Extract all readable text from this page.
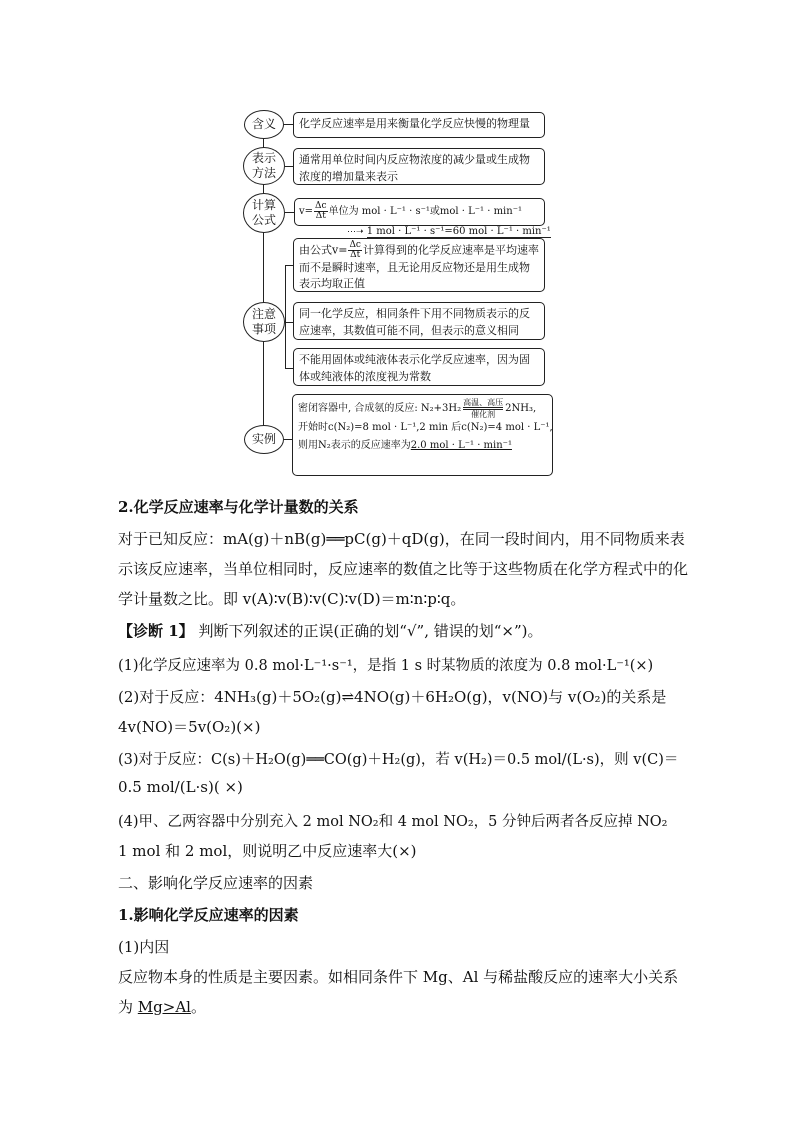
含义	化学反应速率是用来衡量化学反应快慢的物理量
表示方法
通常用单位时间内反应物浓度的减少量或生成物浓度的增加量来表示
计算公式
$v= \frac{\Delta c}{\Delta t}$ 单位为 mol · L⁻¹ · s⁻¹或mol · L⁻¹ · min⁻¹
⋯➝ 1 mol · L⁻¹ · s⁻¹=60 mol · L⁻¹ · min⁻¹
注意事项
由公式$v= \frac{\Delta c}{\Delta t}$ 计算得到的化学反应速率是平均速率而不是瞬时速率，且无论用反应物还是用生成物表示均取正值
同一化学反应，相同条件下用不同物质表示的反应速率，其数值可能不同，但表示的意义相同
不能用固体或纯液体表示化学反应速率，因为固体或纯液体的浓度视为常数
实例
密闭容器中, 合成氨的反应: N₂+3H₂
高温、高压
催化剂
2NH₃,
开始时c(N₂)=8 mol · L⁻¹,2 min 后c(N₂)=4 mol · L⁻¹,
则用N₂表示的反应速率为2.0 mol · L⁻¹ · min⁻¹
2.化学反应速率与化学计量数的关系
对于已知反应：mA(g)＋nB(g)══pC(g)＋qD(g)，在同一段时间内，用不同物质来表示该反应速率，当单位相同时，反应速率的数值之比等于这些物质在化学方程式中的化学计量数之比。即 v(A)∶v(B)∶v(C)∶v(D)＝m∶n∶p∶q。
【诊断 1】 判断下列叙述的正误(正确的划“√”, 错误的划“×”)。
(1)化学反应速率为 0.8 mol·L⁻¹·s⁻¹，是指 1 s 时某物质的浓度为 0.8 mol·L⁻¹(×)
(2)对于反应：4NH₃(g)＋5O₂(g)⇌4NO(g)＋6H₂O(g)，v(NO)与 v(O₂)的关系是
4v(NO)＝5v(O₂)(×)
(3)对于反应：C(s)＋H₂O(g)══CO(g)＋H₂(g)，若 v(H₂)＝0.5 mol/(L·s)，则 v(C)＝
0.5 mol/(L·s)( ×)
(4)甲、乙两容器中分别充入 2 mol NO₂和 4 mol NO₂，5 分钟后两者各反应掉 NO₂
1 mol 和 2 mol，则说明乙中反应速率大(×)
二、影响化学反应速率的因素
1.影响化学反应速率的因素
(1)内因
反应物本身的性质是主要因素。如相同条件下 Mg、Al 与稀盐酸反应的速率大小关系为 Mg>Al。
